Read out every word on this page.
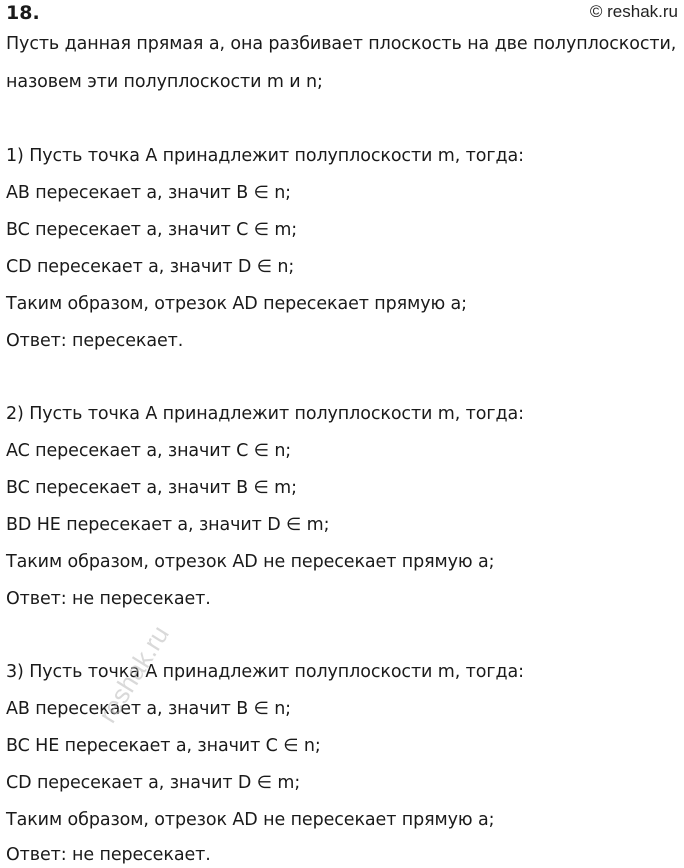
18.	© reshak.ru
Пусть данная прямая a, она разбивает плоскость на две полуплоскости,
назовем эти полуплоскости m и n;
1) Пусть точка A принадлежит полуплоскости m, тогда:
AB пересекает a, значит B ∈ n;
BC пересекает a, значит C ∈ m;
CD пересекает a, значит D ∈ n;
Таким образом, отрезок AD пересекает прямую a;
Ответ: пересекает.
2) Пусть точка A принадлежит полуплоскости m, тогда:
AC пересекает a, значит C ∈ n;
BC пересекает a, значит B ∈ m;
BD НЕ пересекает a, значит D ∈ m;
Таким образом, отрезок AD не пересекает прямую a;
Ответ: не пересекает.
3) Пусть точка A принадлежит полуплоскости m, тогда:
AB пересекает a, значит B ∈ n;
BC НЕ пересекает a, значит C ∈ n;
CD пересекает a, значит D ∈ m;
Таким образом, отрезок AD не пересекает прямую a;
Ответ: не пересекает.
reshak.ru
